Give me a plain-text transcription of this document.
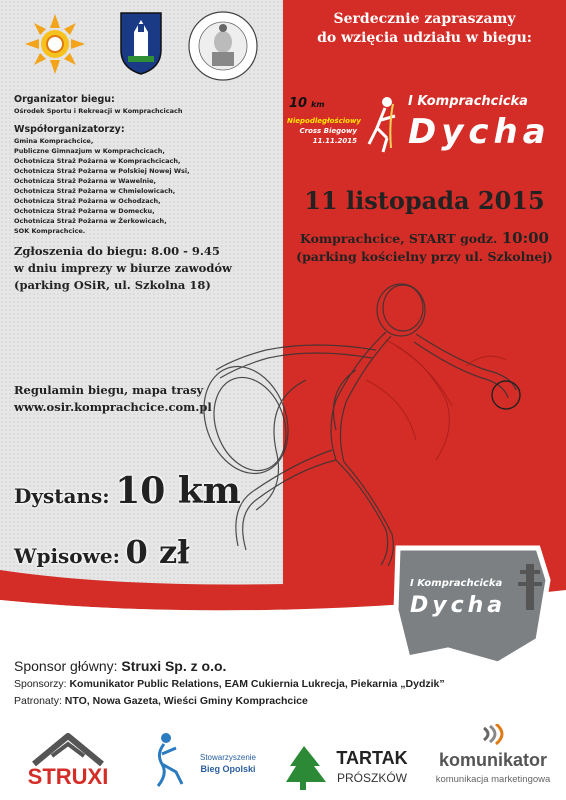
Serdecznie zapraszamy
do wzięcia udziału w biegu:
10 km
Niepodległościowy
Cross Biegowy
11.11.2015
I Komprachcicka
Dycha
11 listopada 2015
Komprachcice, START godz. 10:00
(parking kościelny przy ul. Szkolnej)
Organizator biegu:
Ośrodek Sportu i Rekreacji w Komprachcicach
Współorganizatorzy:
Gmina Komprachcice,
Publiczne Gimnazjum w Komprachcicach,
Ochotnicza Straż Pożarna w Komprachcicach,
Ochotnicza Straż Pożarna w Polskiej Nowej Wsi,
Ochotnicza Straż Pożarna w Wawelnie,
Ochotnicza Straż Pożarna w Chmielowicach,
Ochotnicza Straż Pożarna w Ochodzach,
Ochotnicza Straż Pożarna w Domecku,
Ochotnicza Straż Pożarna w Żerkowicach,
SOK Komprachcice.
Zgłoszenia do biegu: 8.00 - 9.45
w dniu imprezy w biurze zawodów
(parking OSiR, ul. Szkolna 18)
Regulamin biegu, mapa trasy
www.osir.komprachcice.com.pl
Dystans: 10 km
Wpisowe: 0 zł
I Komprachcicka
Dycha
Sponsor główny: Struxi Sp. z o.o.
Sponsorzy: Komunikator Public Relations, EAM Cukiernia Lukrecja, Piekarnia „Dydzik”
Patronaty: NTO, Nowa Gazeta, Wieści Gminy Komprachcice
STRUXI
Stowarzyszenie
Bieg Opolski
TARTAK
PRÓSZKÓW
komunikator
komunikacja marketingowa
